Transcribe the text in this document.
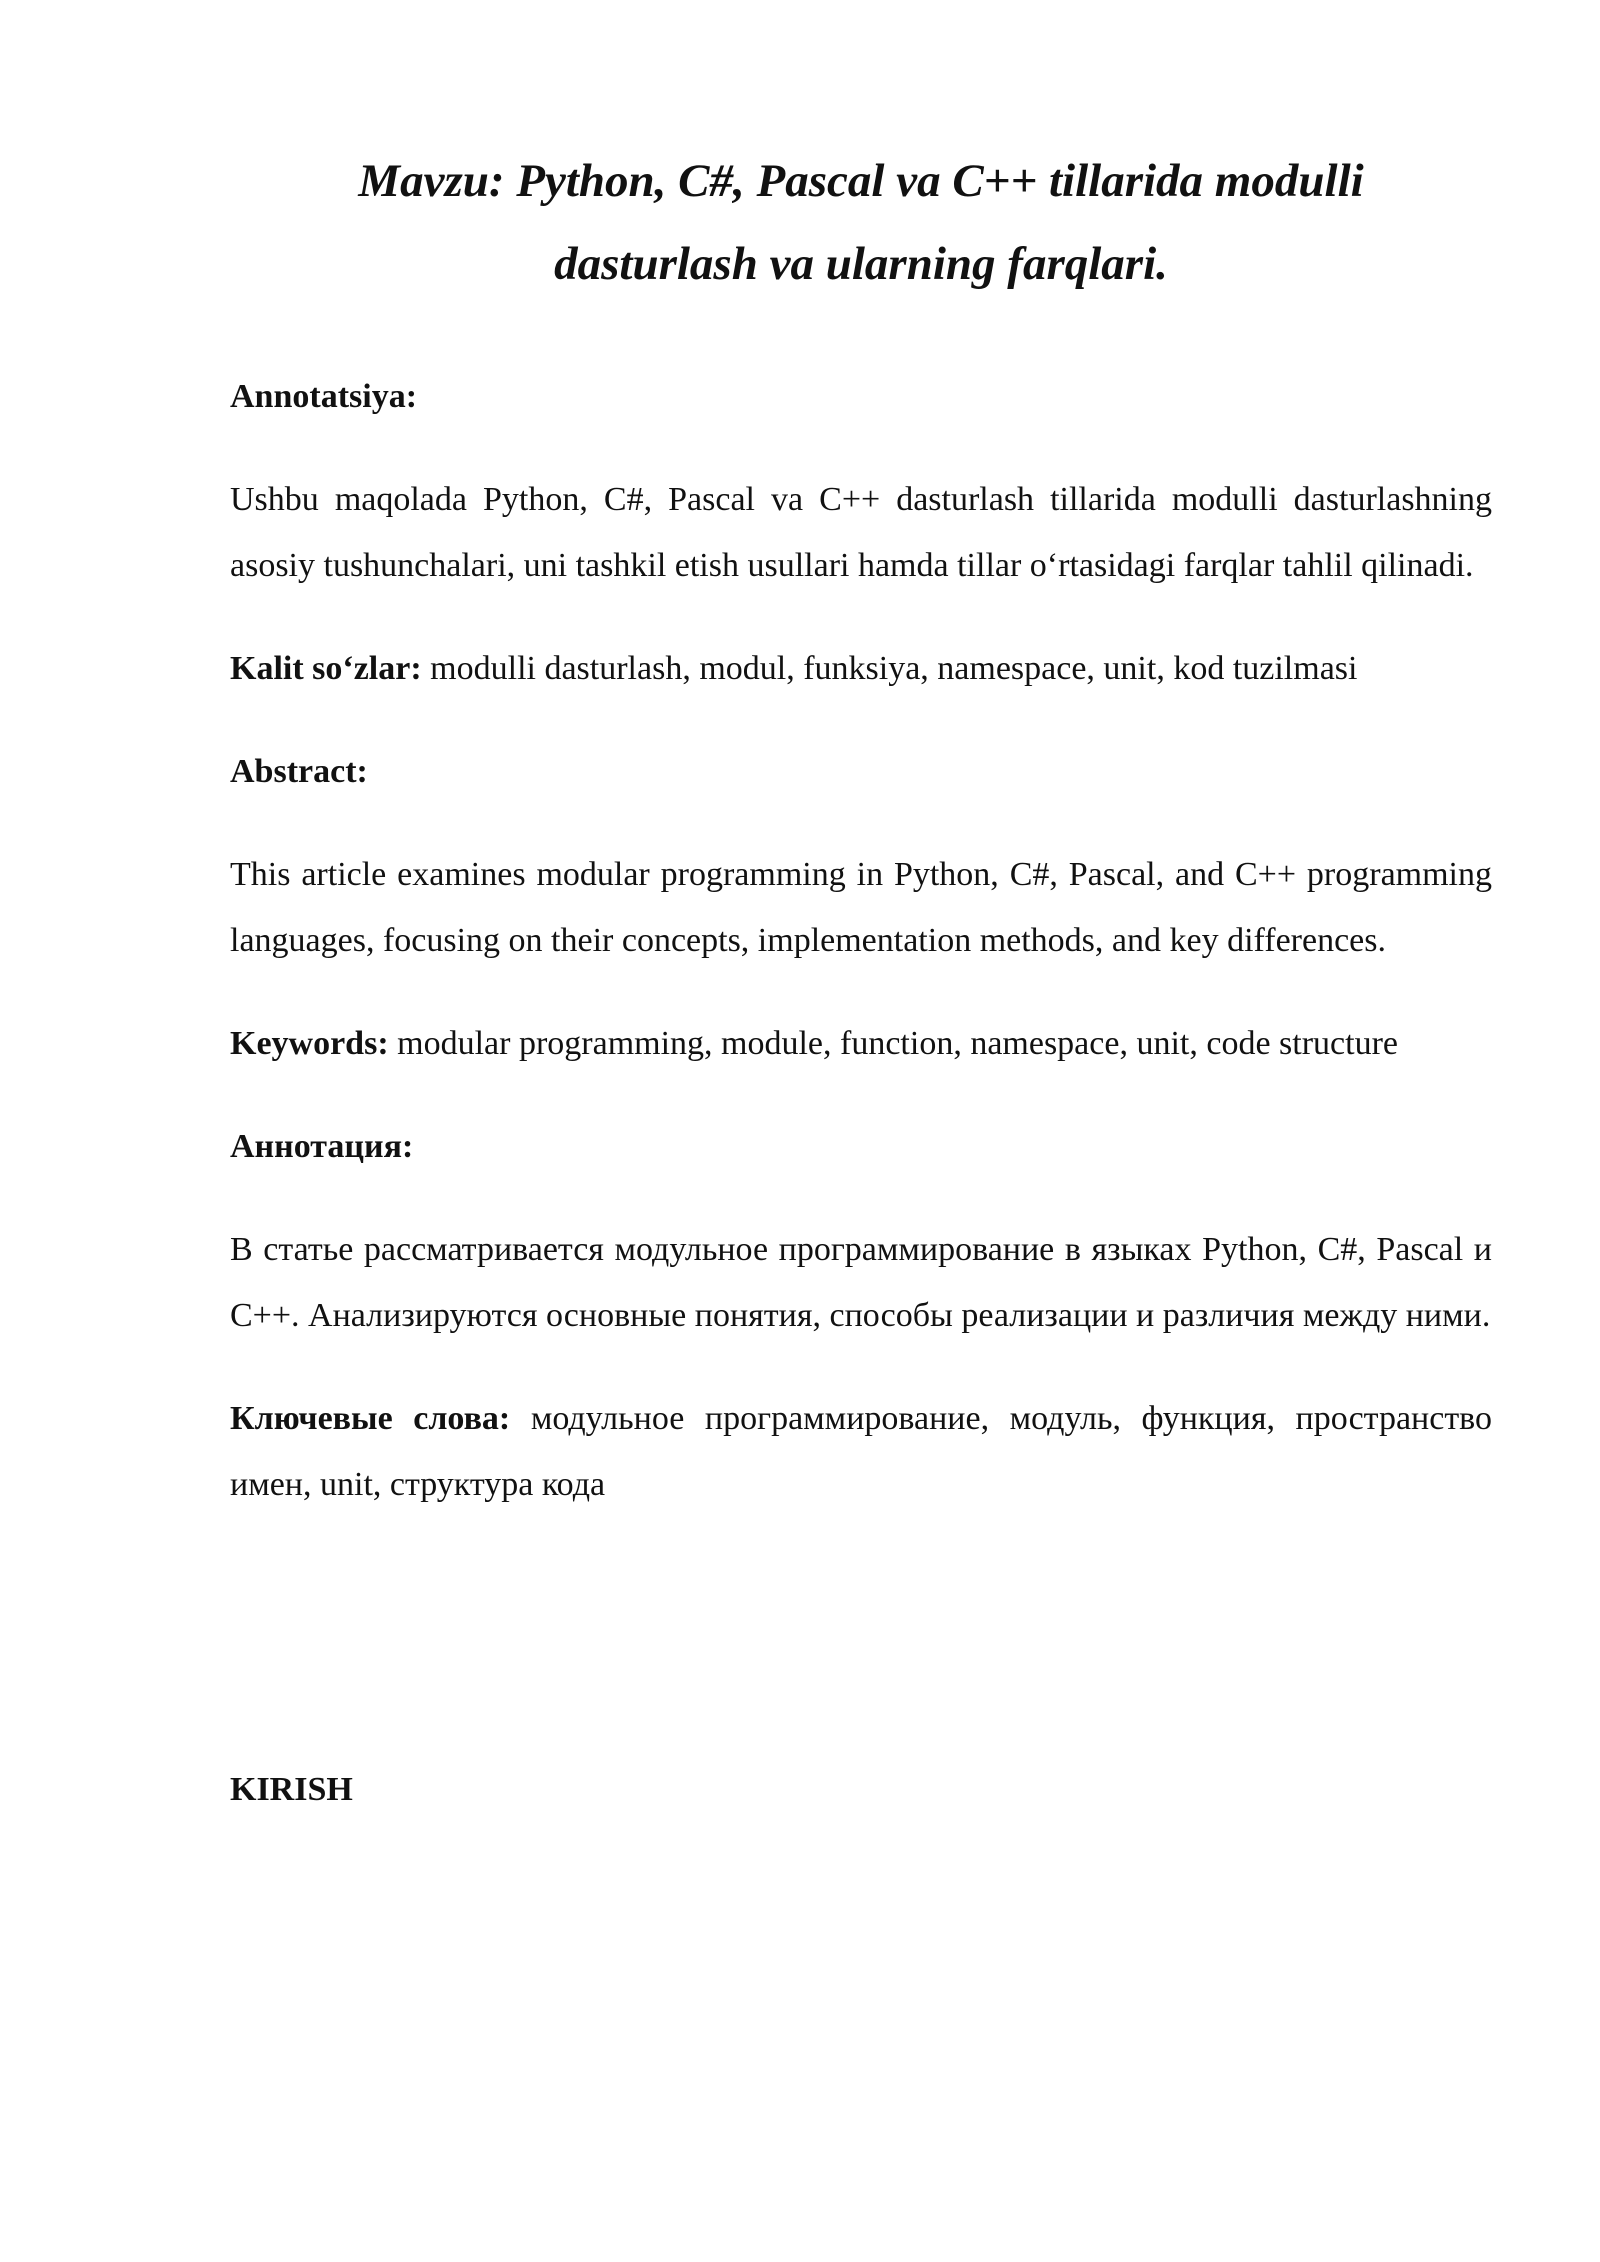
Mavzu: Python, C#, Pascal va C++ tillarida modulli
dasturlash va ularning farqlari.
Annotatsiya:

Ushbu maqolada Python, C#, Pascal va C++ dasturlash tillarida modulli dasturlashning asosiy tushunchalari, uni tashkil etish usullari hamda tillar o‘rtasidagi farqlar tahlil qilinadi.

Kalit so‘zlar: modulli dasturlash, modul, funksiya, namespace, unit, kod tuzilmasi

Abstract:

This article examines modular programming in Python, C#, Pascal, and C++ programming languages, focusing on their concepts, implementation methods, and key differences.

Keywords: modular programming, module, function, namespace, unit, code structure

Аннотация:

В статье рассматривается модульное программирование в языках Python, C#, Pascal и C++. Анализируются основные понятия, способы реализации и различия между ними.

Ключевые слова: модульное программирование, модуль, функция, пространство имен, unit, структура кода

KIRISH
